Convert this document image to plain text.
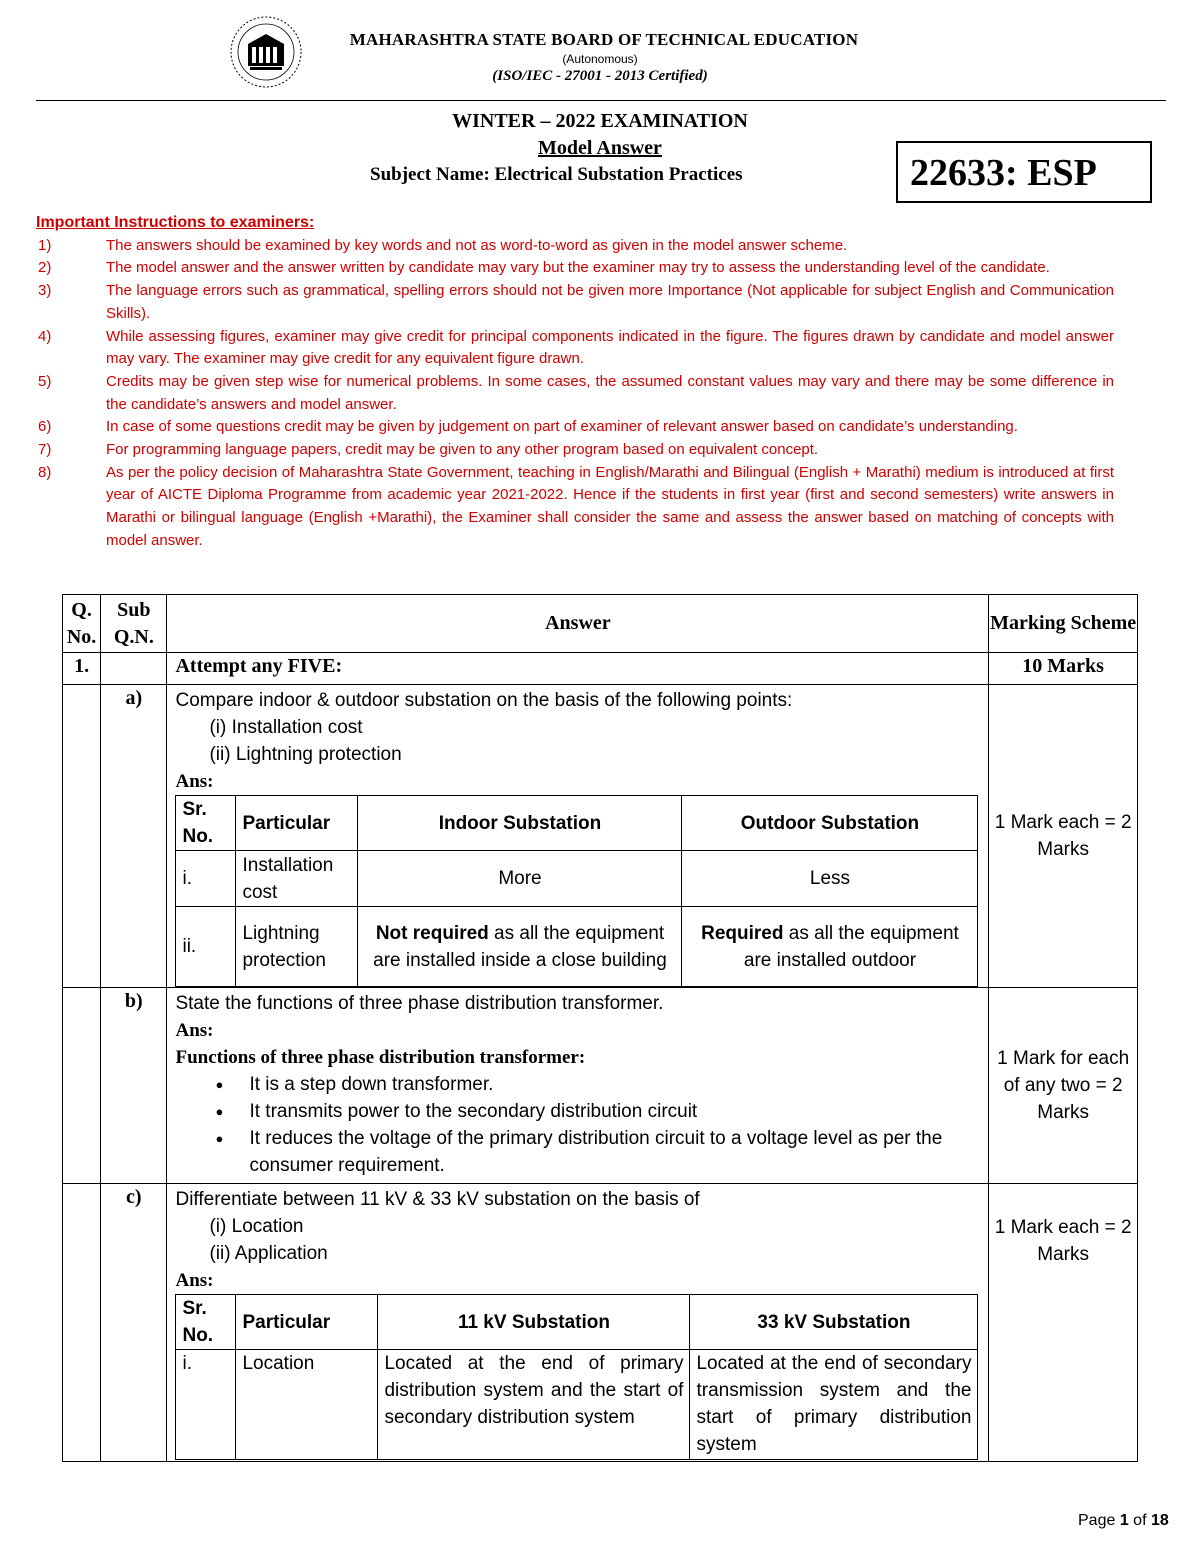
MAHARASHTRA STATE BOARD OF TECHNICAL EDUCATION
(Autonomous)
(ISO/IEC - 27001 - 2013 Certified)
WINTER – 2022 EXAMINATION
Model Answer
Subject Name: Electrical Substation Practices	22633: ESP
Important Instructions to examiners:
1)	The answers should be examined by key words and not as word-to-word as given in the model answer scheme.
2)	The model answer and the answer written by candidate may vary but the examiner may try to assess the understanding level of the candidate.
3)	The language errors such as grammatical, spelling errors should not be given more Importance (Not applicable for subject English and Communication Skills).
4)	While assessing figures, examiner may give credit for principal components indicated in the figure. The figures drawn by candidate and model answer may vary. The examiner may give credit for any equivalent figure drawn.
5)	Credits may be given step wise for numerical problems. In some cases, the assumed constant values may vary and there may be some difference in the candidate’s answers and model answer.
6)	In case of some questions credit may be given by judgement on part of examiner of relevant answer based on candidate’s understanding.
7)	For programming language papers, credit may be given to any other program based on equivalent concept.
8)	As per the policy decision of Maharashtra State Government, teaching in English/Marathi and Bilingual (English + Marathi) medium is introduced at first year of AICTE Diploma Programme from academic year 2021-2022. Hence if the students in first year (first and second semesters) write answers in Marathi or bilingual language (English +Marathi), the Examiner shall consider the same and assess the answer based on matching of concepts with model answer.
Q. No.	Sub Q.N.	Answer	Marking Scheme
1.		Attempt any FIVE:	10 Marks
	a)	Compare indoor & outdoor substation on the basis of the following points:
(i) Installation cost
(ii) Lightning protection
Ans:
Sr. No.	Particular	Indoor Substation	Outdoor Substation
i.	Installation cost	More	Less
ii.	Lightning protection	Not required as all the equipment are installed inside a close building	Required as all the equipment are installed outdoor
	1 Mark each = 2 Marks
	b)	State the functions of three phase distribution transformer.
Ans:
Functions of three phase distribution transformer:
● It is a step down transformer.
● It transmits power to the secondary distribution circuit
● It reduces the voltage of the primary distribution circuit to a voltage level as per the consumer requirement.
	1 Mark for each of any two = 2 Marks
	c)	Differentiate between 11 kV & 33 kV substation on the basis of
(i) Location
(ii) Application
Ans:
Sr. No.	Particular	11 kV Substation	33 kV Substation
i.	Location	Located at the end of primary distribution system and the start of secondary distribution system	Located at the end of secondary transmission system and the start of primary distribution system
	1 Mark each = 2 Marks
Page 1 of 18
